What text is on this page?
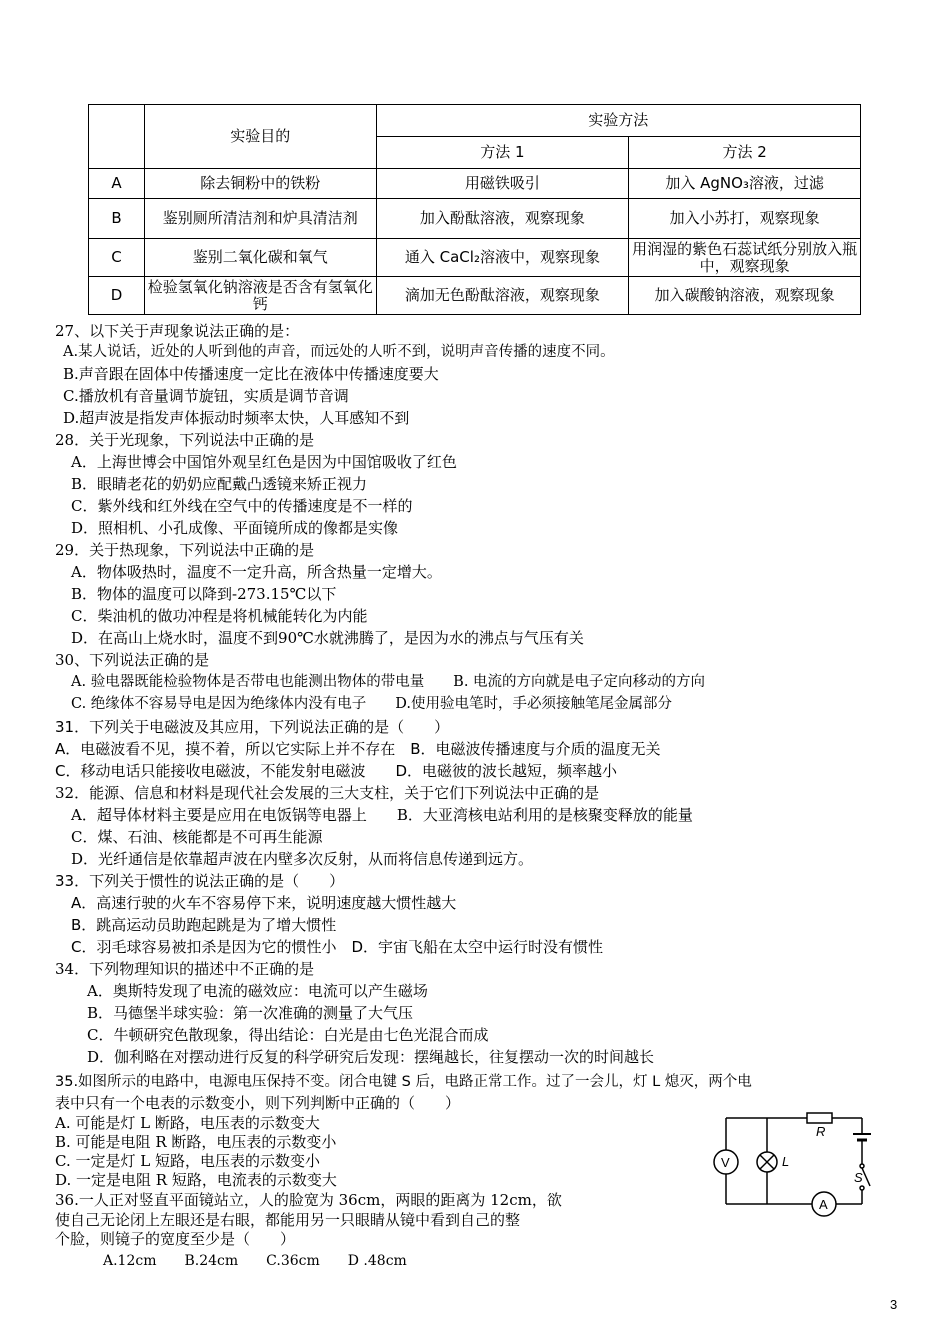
	实验目的	实验方法	
		方法 1	方法 2
A	除去铜粉中的铁粉	用磁铁吸引	加入 AgNO₃溶液，过滤
B	鉴别厕所清洁剂和炉具清洁剂	加入酚酞溶液，观察现象	加入小苏打，观察现象
C	鉴别二氧化碳和氧气	通入 CaCl₂溶液中，观察现象	用润湿的紫色石蕊试纸分别放入瓶中，观察现象
D	检验氢氧化钠溶液是否含有氢氧化钙	滴加无色酚酞溶液，观察现象	加入碳酸钠溶液，观察现象
27、以下关于声现象说法正确的是：
A.某人说话，近处的人听到他的声音，而远处的人听不到，说明声音传播的速度不同。
B.声音跟在固体中传播速度一定比在液体中传播速度要大
C.播放机有音量调节旋钮，实质是调节音调
D.超声波是指发声体振动时频率太快，人耳感知不到
28．关于光现象，下列说法中正确的是
A．上海世博会中国馆外观呈红色是因为中国馆吸收了红色
B．眼睛老花的奶奶应配戴凸透镜来矫正视力
C．紫外线和红外线在空气中的传播速度是不一样的
D．照相机、小孔成像、平面镜所成的像都是实像
29．关于热现象，下列说法中正确的是
A．物体吸热时，温度不一定升高，所含热量一定增大。
B．物体的温度可以降到-273.15℃以下
C．柴油机的做功冲程是将机械能转化为内能
D．在高山上烧水时，温度不到90℃水就沸腾了，是因为水的沸点与气压有关
30、下列说法正确的是
A. 验电器既能检验物体是否带电也能测出物体的带电量　　B. 电流的方向就是电子定向移动的方向
C. 绝缘体不容易导电是因为绝缘体内没有电子　　D.使用验电笔时，手必须接触笔尾金属部分
31．下列关于电磁波及其应用，下列说法正确的是（　　）
A．电磁波看不见，摸不着，所以它实际上并不存在　B．电磁波传播速度与介质的温度无关
C．移动电话只能接收电磁波，不能发射电磁波　　D．电磁彼的波长越短，频率越小
32．能源、信息和材料是现代社会发展的三大支柱，关于它们下列说法中正确的是
A．超导体材料主要是应用在电饭锅等电器上　　B．大亚湾核电站利用的是核聚变释放的能量
C．煤、石油、核能都是不可再生能源
D．光纤通信是依靠超声波在内壁多次反射，从而将信息传递到远方。
33．下列关于惯性的说法正确的是（　　）
A．高速行驶的火车不容易停下来，说明速度越大惯性越大
B．跳高运动员助跑起跳是为了增大惯性
C．羽毛球容易被扣杀是因为它的惯性小　D．宇宙飞船在太空中运行时没有惯性
34．下列物理知识的描述中不正确的是
A．奥斯特发现了电流的磁效应：电流可以产生磁场
B．马德堡半球实验：第一次准确的测量了大气压
C．牛顿研究色散现象，得出结论：白光是由七色光混合而成
D．伽利略在对摆动进行反复的科学研究后发现：摆绳越长，往复摆动一次的时间越长
35.如图所示的电路中，电源电压保持不变。闭合电键 S 后，电路正常工作。过了一会儿，灯 L 熄灭，两个电
表中只有一个电表的示数变小，则下列判断中正确的（　　）
A. 可能是灯 L 断路，电压表的示数变大
B. 可能是电阻 R 断路，电压表的示数变小
C. 一定是灯 L 短路，电压表的示数变小
D. 一定是电阻 R 短路，电流表的示数变大
R
L
S
V
A
36.一人正对竖直平面镜站立，人的脸宽为 36cm，两眼的距离为 12cm，欲
使自己无论闭上左眼还是右眼，都能用另一只眼睛从镜中看到自己的整
个脸，则镜子的宽度至少是（　　）
A.12cm　　B.24cm　　C.36cm　　D .48cm
3
